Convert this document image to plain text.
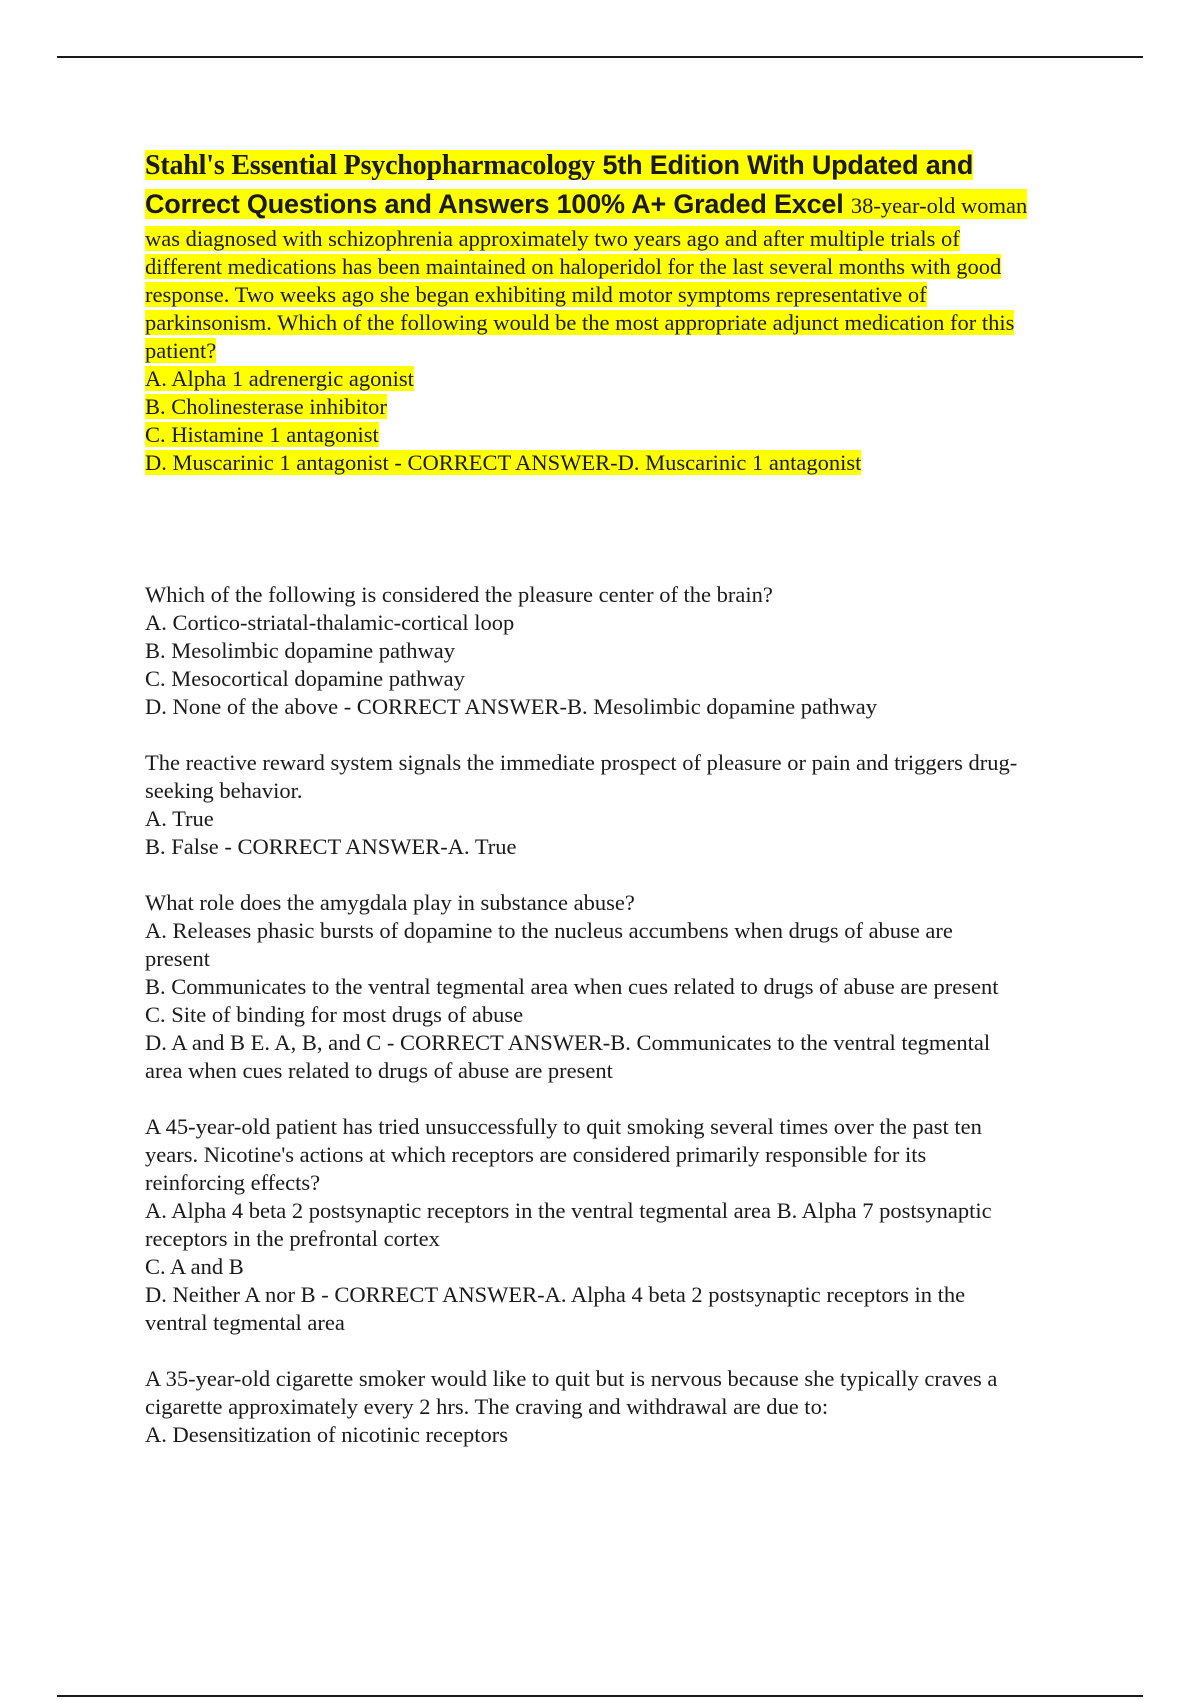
Stahl's Essential Psychopharmacology 5th Edition With Updated and
Correct Questions and Answers 100% A+ Graded Excel 38-year-old woman
was diagnosed with schizophrenia approximately two years ago and after multiple trials of
different medications has been maintained on haloperidol for the last several months with good
response. Two weeks ago she began exhibiting mild motor symptoms representative of
parkinsonism. Which of the following would be the most appropriate adjunct medication for this
patient?
A. Alpha 1 adrenergic agonist
B. Cholinesterase inhibitor
C. Histamine 1 antagonist
D. Muscarinic 1 antagonist - CORRECT ANSWER-D. Muscarinic 1 antagonist
Which of the following is considered the pleasure center of the brain?
A. Cortico-striatal-thalamic-cortical loop
B. Mesolimbic dopamine pathway
C. Mesocortical dopamine pathway
D. None of the above - CORRECT ANSWER-B. Mesolimbic dopamine pathway
The reactive reward system signals the immediate prospect of pleasure or pain and triggers drug-
seeking behavior.
A. True
B. False - CORRECT ANSWER-A. True
What role does the amygdala play in substance abuse?
A. Releases phasic bursts of dopamine to the nucleus accumbens when drugs of abuse are
present
B. Communicates to the ventral tegmental area when cues related to drugs of abuse are present
C. Site of binding for most drugs of abuse
D. A and B E. A, B, and C - CORRECT ANSWER-B. Communicates to the ventral tegmental
area when cues related to drugs of abuse are present
A 45-year-old patient has tried unsuccessfully to quit smoking several times over the past ten
years. Nicotine's actions at which receptors are considered primarily responsible for its
reinforcing effects?
A. Alpha 4 beta 2 postsynaptic receptors in the ventral tegmental area B. Alpha 7 postsynaptic
receptors in the prefrontal cortex
C. A and B
D. Neither A nor B - CORRECT ANSWER-A. Alpha 4 beta 2 postsynaptic receptors in the
ventral tegmental area
A 35-year-old cigarette smoker would like to quit but is nervous because she typically craves a
cigarette approximately every 2 hrs. The craving and withdrawal are due to:
A. Desensitization of nicotinic receptors
